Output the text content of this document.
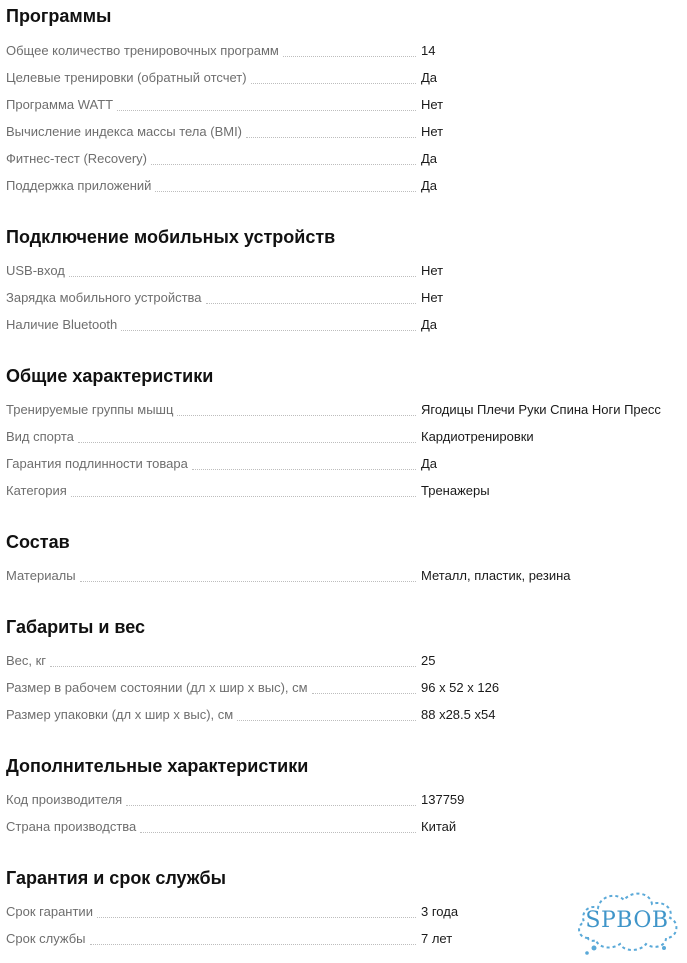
Программы
Общее количество тренировочных программ	14
Целевые тренировки (обратный отсчет)	Да
Программа WATT	Нет
Вычисление индекса массы тела (BMI)	Нет
Фитнес-тест (Recovery)	Да
Поддержка приложений	Да
Подключение мобильных устройств
USB-вход	Нет
Зарядка мобильного устройства	Нет
Наличие Bluetooth	Да
Общие характеристики
Тренируемые группы мышц	Ягодицы Плечи Руки Спина Ноги Пресс
Вид спорта	Кардиотренировки
Гарантия подлинности товара	Да
Категория	Тренажеры
Состав
Материалы	Металл, пластик, резина
Габариты и вес
Вес, кг	25
Размер в рабочем состоянии (дл х шир х выс), см	96 х 52 х 126
Размер упаковки (дл х шир х выс), см	88 х28.5 х54
Дополнительные характеристики
Код производителя	137759
Страна производства	Китай
Гарантия и срок службы
Срок гарантии	3 года
Срок службы	7 лет
SPBOB
